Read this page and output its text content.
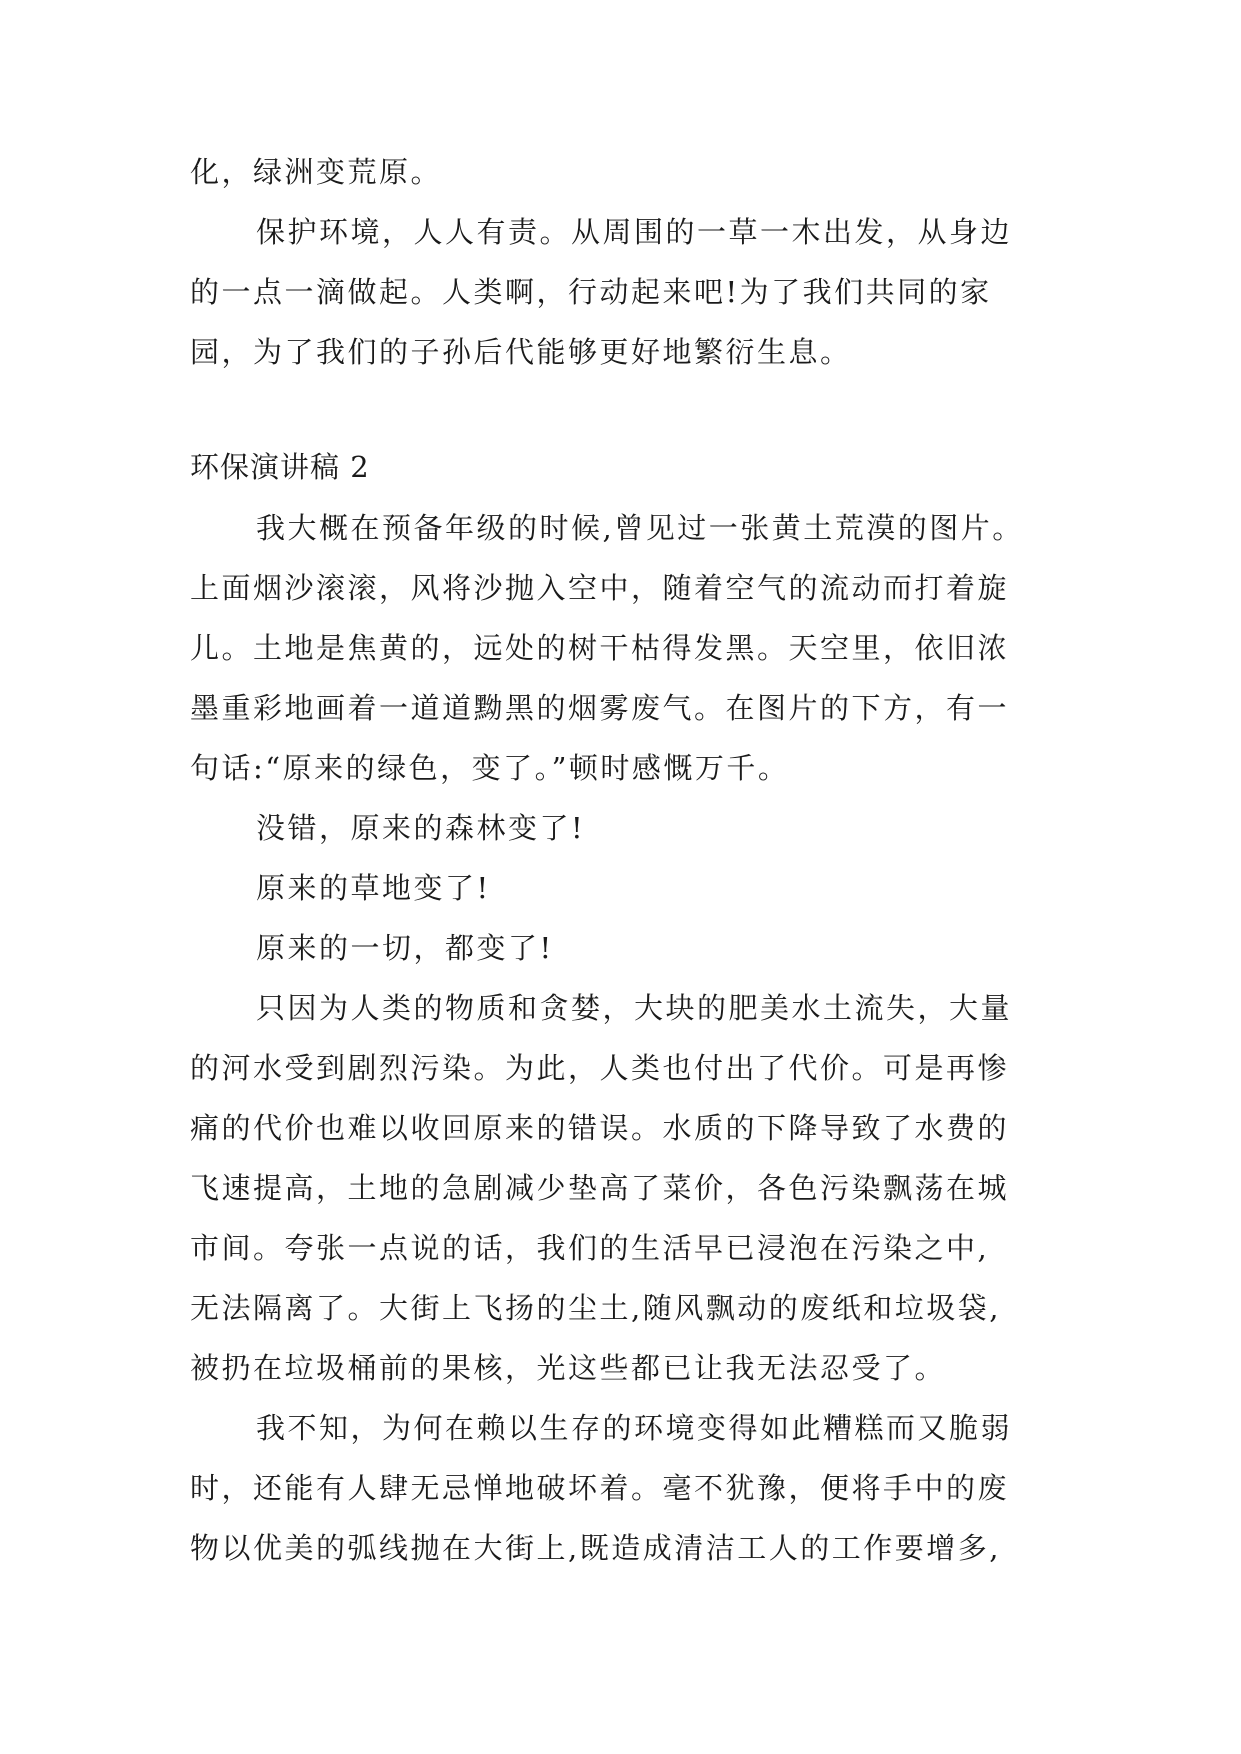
化，绿洲变荒原。
保护环境，人人有责。从周围的一草一木出发，从身边
的一点一滴做起。人类啊，行动起来吧!为了我们共同的家
园，为了我们的子孙后代能够更好地繁衍生息。
环保演讲稿 2
我大概在预备年级的时候,曾见过一张黄土荒漠的图片。
上面烟沙滚滚，风将沙抛入空中，随着空气的流动而打着旋
儿。土地是焦黄的，远处的树干枯得发黑。天空里，依旧浓
墨重彩地画着一道道黝黑的烟雾废气。在图片的下方，有一
句话:“原来的绿色，变了。”顿时感慨万千。
没错，原来的森林变了!
原来的草地变了!
原来的一切，都变了!
只因为人类的物质和贪婪，大块的肥美水土流失，大量
的河水受到剧烈污染。为此，人类也付出了代价。可是再惨
痛的代价也难以收回原来的错误。水质的下降导致了水费的
飞速提高，土地的急剧减少垫高了菜价，各色污染飘荡在城
市间。夸张一点说的话，我们的生活早已浸泡在污染之中,
无法隔离了。大街上飞扬的尘土,随风飘动的废纸和垃圾袋,
被扔在垃圾桶前的果核，光这些都已让我无法忍受了。
我不知，为何在赖以生存的环境变得如此糟糕而又脆弱
时，还能有人肆无忌惮地破坏着。毫不犹豫，便将手中的废
物以优美的弧线抛在大街上,既造成清洁工人的工作要增多,
